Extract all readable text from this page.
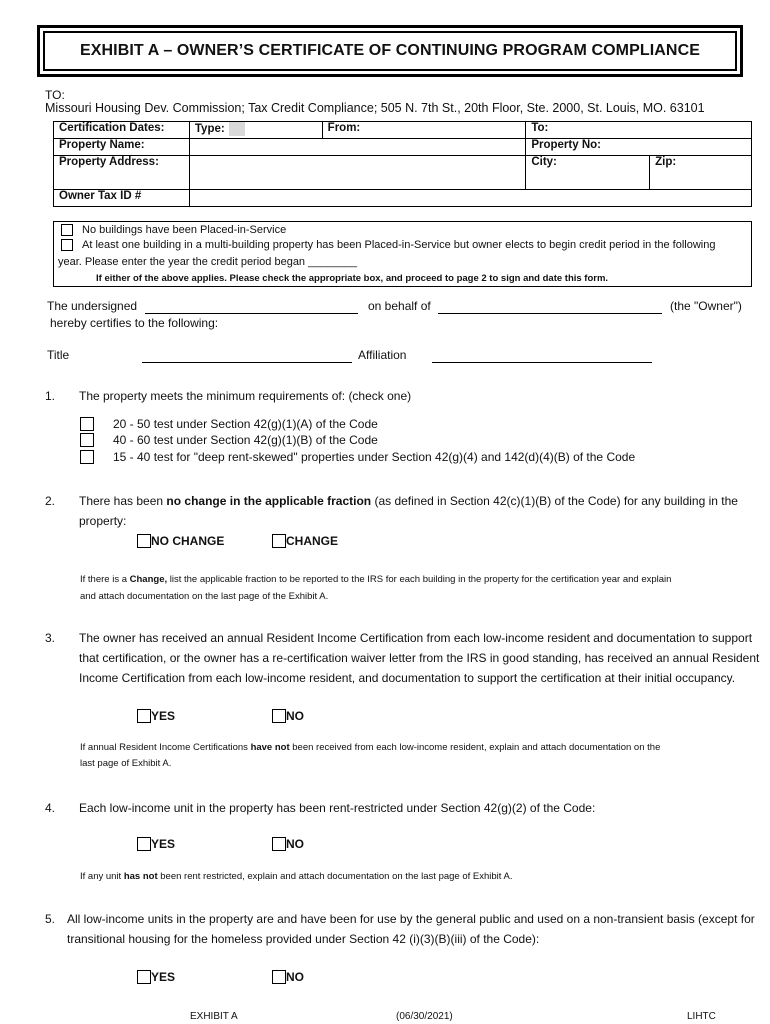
EXHIBIT A – OWNER’S CERTIFICATE OF CONTINUING PROGRAM COMPLIANCE
TO:
Missouri Housing Dev. Commission; Tax Credit Compliance; 505 N. 7th St., 20th Floor, Ste. 2000, St. Louis, MO. 63101
Certification Dates:	Type:	From:	To:	
Property Name:			Property No:	
Property Address:			City:	Zip:
Owner Tax ID #				
No buildings have been Placed-in-Service
At least one building in a multi-building property has been Placed-in-Service but owner elects to begin credit period in the following
year. Please enter the year the credit period began ________
If either of the above applies. Please check the appropriate box, and proceed to page 2 to sign and date this form.
The undersigned	on behalf of	(the "Owner")
hereby certifies to the following:
Title	Affiliation
1. The property meets the minimum requirements of: (check one)
20 - 50 test under Section 42(g)(1)(A) of the Code
40 - 60 test under Section 42(g)(1)(B) of the Code
15 - 40 test for "deep rent-skewed" properties under Section 42(g)(4) and 142(d)(4)(B) of the Code
2. There has been no change in the applicable fraction (as defined in Section 42(c)(1)(B) of the Code) for any building in the
property:
NO CHANGE	CHANGE
If there is a Change, list the applicable fraction to be reported to the IRS for each building in the property for the certification year and explain
and attach documentation on the last page of the Exhibit A.
3. The owner has received an annual Resident Income Certification from each low-income resident and documentation to support
that certification, or the owner has a re-certification waiver letter from the IRS in good standing, has received an annual Resident
Income Certification from each low-income resident, and documentation to support the certification at their initial occupancy.
YES	NO
If annual Resident Income Certifications have not been received from each low-income resident, explain and attach documentation on the
last page of Exhibit A.
4. Each low-income unit in the property has been rent-restricted under Section 42(g)(2) of the Code:
YES	NO
If any unit has not been rent restricted, explain and attach documentation on the last page of Exhibit A.
5. All low-income units in the property are and have been for use by the general public and used on a non-transient basis (except for
transitional housing for the homeless provided under Section 42 (i)(3)(B)(iii) of the Code):
YES	NO
EXHIBIT A	(06/30/2021)	LIHTC
